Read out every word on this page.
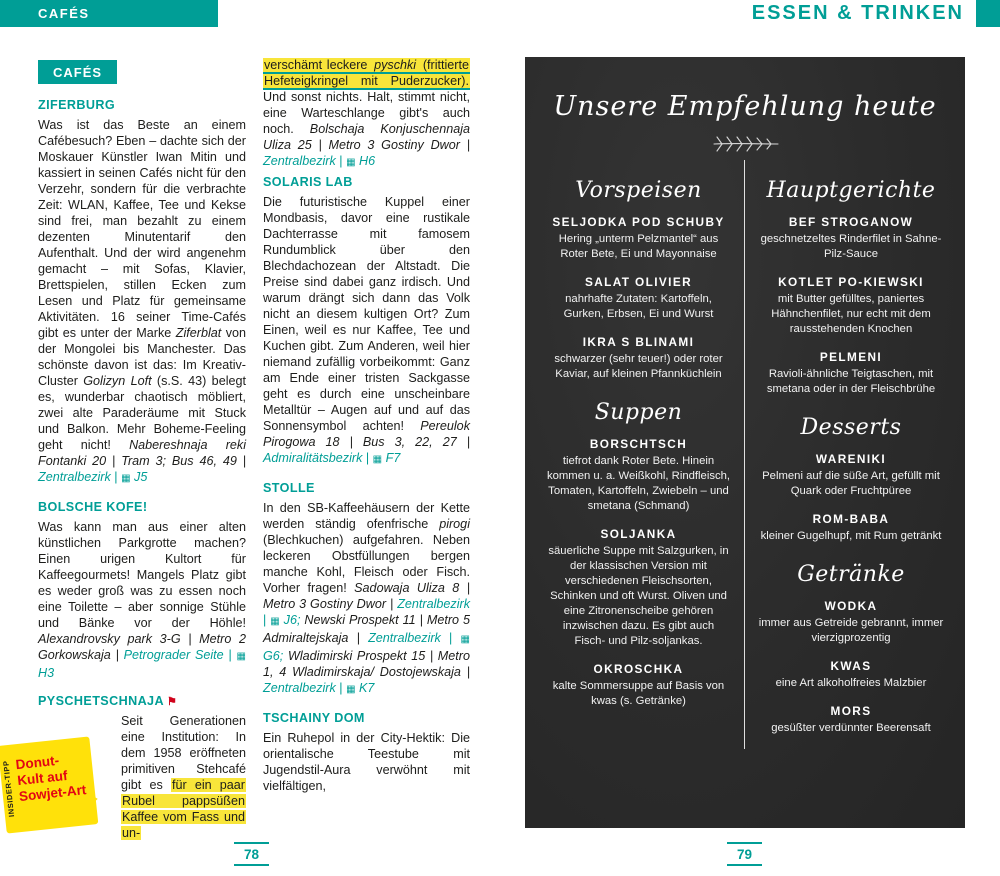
CAFÉS	ESSEN & TRINKEN
CAFÉS
ZIFERBURG

Was ist das Beste an einem Cafébesuch? Eben – dachte sich der Moskauer Künstler Iwan Mitin und kassiert in seinen Cafés nicht für den Verzehr, sondern für die verbrachte Zeit: WLAN, Kaffee, Tee und Kekse sind frei, man bezahlt zu einem dezenten Minutentarif den Aufenthalt. Und der wird angenehm gemacht – mit Sofas, Klavier, Brettspielen, stillen Ecken zum Lesen und Platz für gemeinsame Aktivitäten. 16 seiner Time-Cafés gibt es unter der Marke Ziferblat von der Mongolei bis Manchester. Das schönste davon ist das: Im Kreativ-Cluster Golizyn Loft (s.S. 43) belegt es, wunderbar chaotisch möbliert, zwei alte Paraderäume mit Stuck und Balkon. Mehr Boheme-Feeling geht nicht! Nabereshnaja reki Fontanki 20 | Tram 3; Bus 46, 49 | Zentralbezirk | ▦ J5

BOLSCHE KOFE!

Was kann man aus einer alten künstlichen Parkgrotte machen? Einen urigen Kultort für Kaffeegourmets! Mangels Platz gibt es weder groß was zu essen noch eine Toilette – aber sonnige Stühle und Bänke vor der Höhle! Alexandrovsky park 3-G | Metro 2 Gorkowskaja | Petrograder Seite | ▦ H3

PYSCHETSCHNAJA ⚑

Seit Generationen eine Institution: In dem 1958 eröffneten primitiven Stehcafé gibt es für ein paar Rubel pappsüßen Kaffee vom Fass und un-

INSIDER-TIPP
Donut-
Kult auf
Sowjet-Art

verschämt leckere pyschki (frittierte Hefeteigkringel mit Puderzucker). Und sonst nichts. Halt, stimmt nicht, eine Warteschlange gibt's auch noch. Bolschaja Konjuschennaja Uliza 25 | Metro 3 Gostiny Dwor | Zentralbezirk | ▦ H6

SOLARIS LAB

Die futuristische Kuppel einer Mondbasis, davor eine rustikale Dachterrasse mit famosem Rundumblick über den Blechdachozean der Altstadt. Die Preise sind dabei ganz irdisch. Und warum drängt sich dann das Volk nicht an diesem kultigen Ort? Zum Einen, weil es nur Kaffee, Tee und Kuchen gibt. Zum Anderen, weil hier niemand zufällig vorbeikommt: Ganz am Ende einer tristen Sackgasse geht es durch eine unscheinbare Metalltür – Augen auf und auf das Sonnensymbol achten! Pereulok Pirogowa 18 | Bus 3, 22, 27 | Admiralitätsbezirk | ▦ F7

STOLLE

In den SB-Kaffeehäusern der Kette werden ständig ofenfrische pirogi (Blechkuchen) aufgefahren. Neben leckeren Obstfüllungen bergen manche Kohl, Fleisch oder Fisch. Vorher fragen! Sadowaja Uliza 8 | Metro 3 Gostiny Dwor | Zentralbezirk | ▦ J6; Newski Prospekt 11 | Metro 5 Admiraltejskaja | Zentralbezirk | ▦ G6; Wladimirski Prospekt 15 | Metro 1, 4 Wladimirskaja/ Dostojewskaja | Zentralbezirk | ▦ K7

TSCHAINY DOM

Ein Ruhepol in der City-Hektik: Die orientalische Teestube mit Jugendstil-Aura verwöhnt mit vielfältigen,

Unsere Empfehlung heute
Vorspeisen
SELJODKA POD SCHUBY
Hering „unterm Pelzmantel“ aus Roter Bete, Ei und Mayonnaise
SALAT OLIVIER
nahrhafte Zutaten: Kartoffeln, Gurken, Erbsen, Ei und Wurst
IKRA S BLINAMI
schwarzer (sehr teuer!) oder roter Kaviar, auf kleinen Pfannküchlein
Suppen
BORSCHTSCH
tiefrot dank Roter Bete. Hinein kommen u. a. Weißkohl, Rindfleisch, Tomaten, Kartoffeln, Zwiebeln – und smetana (Schmand)
SOLJANKA
säuerliche Suppe mit Salzgurken, in der klassischen Version mit verschiedenen Fleischsorten, Schinken und oft Wurst. Oliven und eine Zitronenscheibe gehören inzwischen dazu. Es gibt auch Fisch- und Pilz-soljankas.
OKROSCHKA
kalte Sommersuppe auf Basis von kwas (s. Getränke)
Hauptgerichte
BEF STROGANOW
geschnetzeltes Rinderfilet in Sahne-Pilz-Sauce
KOTLET PO-KIEWSKI
mit Butter gefülltes, paniertes Hähnchenfilet, nur echt mit dem rausstehenden Knochen
PELMENI
Ravioli-ähnliche Teigtaschen, mit smetana oder in der Fleischbrühe
Desserts
WARENIKI
Pelmeni auf die süße Art, gefüllt mit Quark oder Fruchtpüree
ROM-BABA
kleiner Gugelhupf, mit Rum getränkt
Getränke
WODKA
immer aus Getreide gebrannt, immer vierzigprozentig
KWAS
eine Art alkoholfreies Malzbier
MORS
gesüßter verdünnter Beerensaft
78	79
